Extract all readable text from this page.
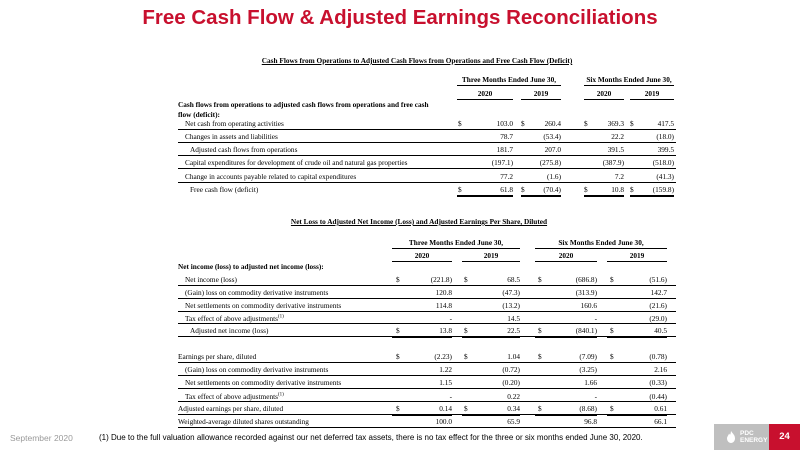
Free Cash Flow & Adjusted Earnings Reconciliations
Cash Flows from Operations to Adjusted Cash Flows from Operations and Free Cash Flow (Deficit)
Three Months Ended June 30,	Six Months Ended June 30,
2020	2019	2020	2019
Cash flows from operations to adjusted cash flows from operations and free cash
flow (deficit):
Net cash from operating activities	$	103.0 $	260.4	$	369.3 $	417.5
Changes in assets and liabilities	78.7	(53.4)	22.2	(18.0)
Adjusted cash flows from operations	181.7	207.0	391.5	399.5
Capital expenditures for development of crude oil and natural gas properties	(197.1)	(275.8)	(387.9)	(518.0)
Change in accounts payable related to capital expenditures	77.2	(1.6)	7.2	(41.3)
Free cash flow (deficit)	$	61.8 $	(70.4)	$	10.8 $	(159.8)
Net Loss to Adjusted Net Income (Loss) and Adjusted Earnings Per Share, Diluted
Three Months Ended June 30,	Six Months Ended June 30,
2020	2019	2020	2019
Net income (loss) to adjusted net income (loss):
Net income (loss)	$	(221.8) $	68.5 $	(686.8) $	(51.6)
(Gain) loss on commodity derivative instruments	120.8	(47.3)	(313.9)	142.7
Net settlements on commodity derivative instruments	114.8	(13.2)	160.6	(21.6)
Tax effect of above adjustments$^{(1)}$	-	14.5	-	(29.0)
Adjusted net income (loss)	$	13.8 $	22.5 $	(840.1) $	40.5
Earnings per share, diluted	$	(2.23) $	1.04 $	(7.09) $	(0.78)
(Gain) loss on commodity derivative instruments	1.22	(0.72)	(3.25)	2.16
Net settlements on commodity derivative instruments	1.15	(0.20)	1.66	(0.33)
Tax effect of above adjustments$^{(1)}$	-	0.22	-	(0.44)
Adjusted earnings per share, diluted	$	0.14 $	0.34 $	(8.68) $	0.61
Weighted-average diluted shares outstanding	100.0	65.9	96.8	66.1
September 2020	(1) Due to the full valuation allowance recorded against our net deferred tax assets, there is no tax effect for the three or six months ended June 30, 2020.	PDC
ENERGY	24
